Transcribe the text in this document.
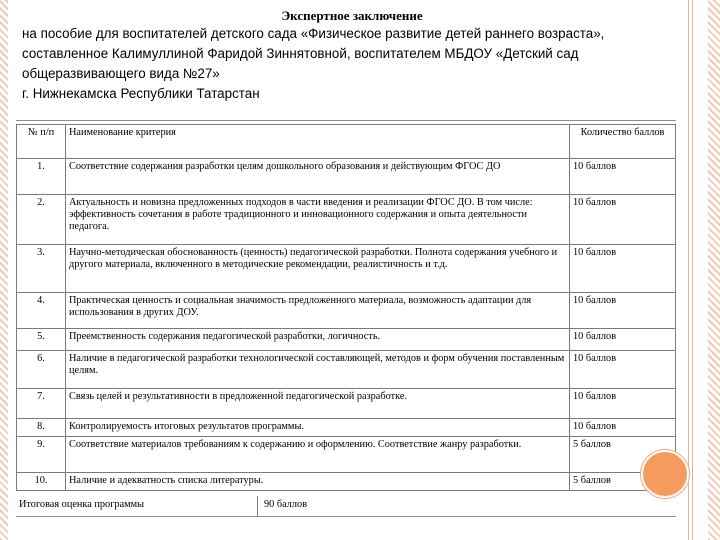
Экспертное заключение
на пособие для воспитателей детского сада «Физическое развитие детей раннего возраста»,
составленное Калимуллиной Фаридой Зиннятовной, воспитателем МБДОУ «Детский сад
общеразвивающего вида №27»
г. Нижнекамска Республики Татарстан
№ п/п	Наименование критерия	Количество баллов
1.	Соответствие содержания разработки целям дошкольного образования и действующим ФГОС ДО	10 баллов
2.	Актуальность и новизна предложенных подходов в части введения и реализации ФГОС ДО. В том числе: эффективность сочетания в работе традиционного и инновационного содержания и опыта деятельности педагога.	10 баллов
3.	Научно-методическая обоснованность (ценность) педагогической разработки. Полнота содержания учебного и другого материала, включенного в методические рекомендации, реалистичность и т.д.	10 баллов
4.	Практическая ценность и социальная значимость предложенного материала, возможность адаптации для использования в других ДОУ.	10 баллов
5.	Преемственность содержания педагогической разработки, логичность.	10 баллов
6.	Наличие в педагогической разработки технологической составляющей, методов и форм обучения поставленным целям.	10 баллов
7.	Связь целей и результативности в предложенной педагогической разработке.	10 баллов
8.	Контролируемость итоговых результатов программы.	10 баллов
9.	Соответствие материалов требованиям к содержанию и оформлению. Соответствие жанру разработки.	5 баллов
10.	Наличие и адекватность списка литературы.	5 баллов
Итоговая оценка программы	90 баллов
